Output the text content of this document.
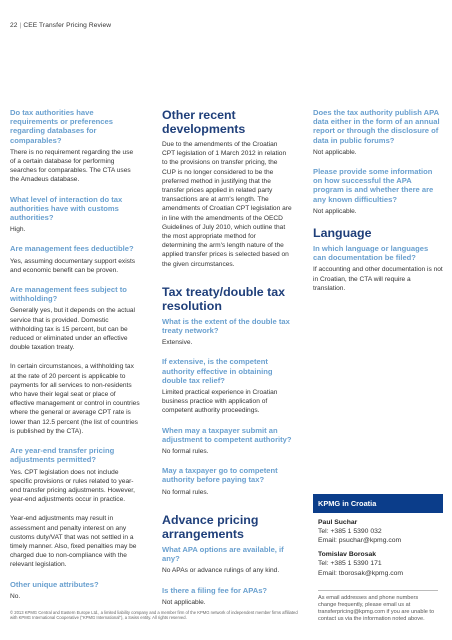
22 | CEE Transfer Pricing Review
Do tax authorities have requirements or preferences regarding databases for comparables?
There is no requirement regarding the use of a certain database for performing searches for comparables. The CTA uses the Amadeus database.
What level of interaction do tax authorities have with customs authorities?
High.
Are management fees deductible?
Yes, assuming documentary support exists and economic benefit can be proven.
Are management fees subject to withholding?
Generally yes, but it depends on the actual service that is provided. Domestic withholding tax is 15 percent, but can be reduced or eliminated under an effective double taxation treaty.
In certain circumstances, a withholding tax at the rate of 20 percent is applicable to payments for all services to non-residents who have their legal seat or place of effective management or control in countries where the general or average CPT rate is lower than 12.5 percent (the list of countries is published by the CTA).
Are year-end transfer pricing adjustments permitted?
Yes. CPT legislation does not include specific provisions or rules related to year-end transfer pricing adjustments. However, year-end adjustments occur in practice.
Year-end adjustments may result in assessment and penalty interest on any customs duty/VAT that was not settled in a timely manner. Also, fixed penalties may be charged due to non-compliance with the relevant legislation.
Other unique attributes?
No.
Other recent developments
Due to the amendments of the Croatian CPT legislation of 1 March 2012 in relation to the provisions on transfer pricing, the CUP is no longer considered to be the preferred method in justifying that the transfer prices applied in related party transactions are at arm's length. The amendments of Croatian CPT legislation are in line with the amendments of the OECD Guidelines of July 2010, which outline that the most appropriate method for determining the arm's length nature of the applied transfer prices is selected based on the given circumstances.
Tax treaty/double tax resolution
What is the extent of the double tax treaty network?
Extensive.
If extensive, is the competent authority effective in obtaining double tax relief?
Limited practical experience in Croatian business practice with application of competent authority proceedings.
When may a taxpayer submit an adjustment to competent authority?
No formal rules.
May a taxpayer go to competent authority before paying tax?
No formal rules.
Advance pricing arrangements
What APA options are available, if any?
No APAs or advance rulings of any kind.
Is there a filing fee for APAs?
Not applicable.
Does the tax authority publish APA data either in the form of an annual report or through the disclosure of data in public forums?
Not applicable.
Please provide some information on how successful the APA program is and whether there are any known difficulties?
Not applicable.
Language
In which language or languages can documentation be filed?
If accounting and other documentation is not in Croatian, the CTA will require a translation.
KPMG in Croatia
Paul Suchar
Tel: +385 1 5390 032
Email: psuchar@kpmg.com
Tomislav Borosak
Tel: +385 1 5390 171
Email: tborosak@kpmg.com
As email addresses and phone numbers change frequently, please email us at transferpricing@kpmg.com if you are unable to contact us via the information noted above.
© 2013 KPMG Central and Eastern Europe Ltd., a limited liability company and a member firm of the KPMG network of independent member firms affiliated with KPMG International Cooperative ("KPMG International"), a Swiss entity. All rights reserved.
